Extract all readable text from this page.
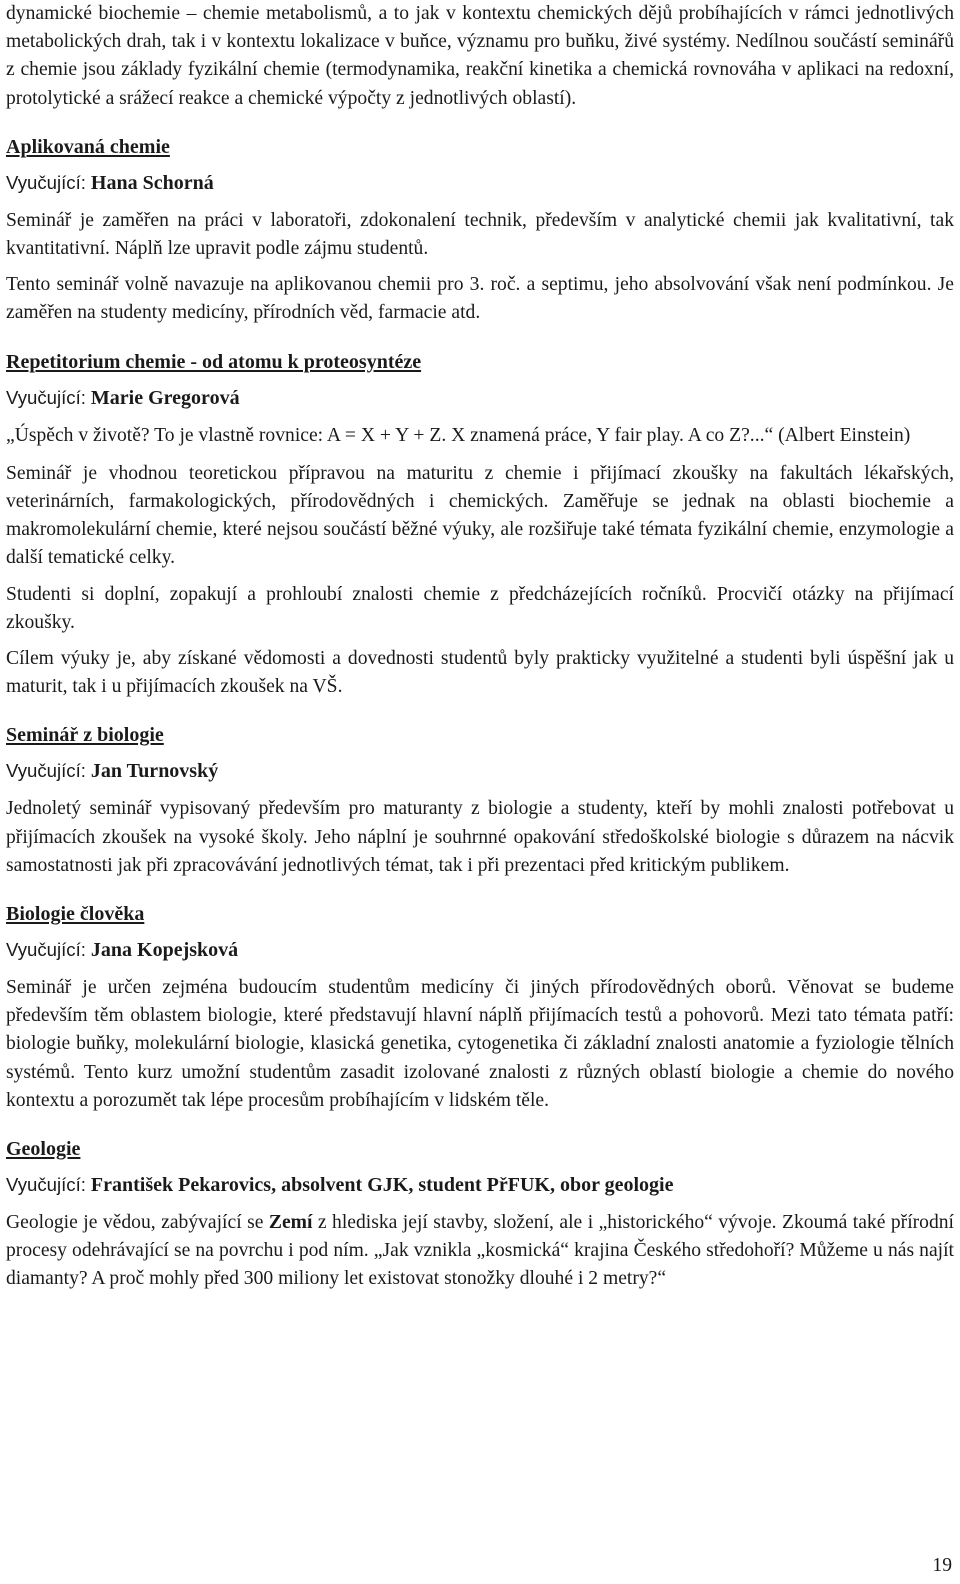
dynamické biochemie – chemie metabolismů, a to jak v kontextu chemických dějů probíhajících v rámci jednotlivých metabolických drah, tak i v kontextu lokalizace v buňce, významu pro buňku, živé systémy. Nedílnou součástí seminářů z chemie jsou základy fyzikální chemie (termodynamika, reakční kinetika a chemická rovnováha v aplikaci na redoxní, protolytické a srážecí reakce a chemické výpočty z jednotlivých oblastí).

Aplikovaná chemie
Vyučující: Hana Schorná

Seminář je zaměřen na práci v laboratoři, zdokonalení technik, především v analytické chemii jak kvalitativní, tak kvantitativní. Náplň lze upravit podle zájmu studentů.

Tento seminář volně navazuje na aplikovanou chemii pro 3. roč. a septimu, jeho absolvování však není podmínkou. Je zaměřen na studenty medicíny, přírodních věd, farmacie atd.

Repetitorium chemie - od atomu k proteosyntéze
Vyučující: Marie Gregorová

„Úspěch v životě? To je vlastně rovnice: A = X + Y + Z. X znamená práce, Y fair play. A co Z?...“ (Albert Einstein)

Seminář je vhodnou teoretickou přípravou na maturitu z chemie i přijímací zkoušky na fakultách lékařských, veterinárních, farmakologických, přírodovědných i chemických. Zaměřuje se jednak na oblasti biochemie a makromolekulární chemie, které nejsou součástí běžné výuky, ale rozšiřuje také témata fyzikální chemie, enzymologie a další tematické celky.

Studenti si doplní, zopakují a prohloubí znalosti chemie z předcházejících ročníků. Procvičí otázky na přijímací zkoušky.

Cílem výuky je, aby získané vědomosti a dovednosti studentů byly prakticky využitelné a studenti byli úspěšní jak u maturit, tak i u přijímacích zkoušek na VŠ.

Seminář z biologie
Vyučující: Jan Turnovský

Jednoletý seminář vypisovaný především pro maturanty z biologie a studenty, kteří by mohli znalosti potřebovat u přijímacích zkoušek na vysoké školy. Jeho náplní je souhrnné opakování středoškolské biologie s důrazem na nácvik samostatnosti jak při zpracovávání jednotlivých témat, tak i při prezentaci před kritickým publikem.

Biologie člověka
Vyučující: Jana Kopejsková

Seminář je určen zejména budoucím studentům medicíny či jiných přírodovědných oborů. Věnovat se budeme především těm oblastem biologie, které představují hlavní náplň přijímacích testů a pohovorů. Mezi tato témata patří: biologie buňky, molekulární biologie, klasická genetika, cytogenetika či základní znalosti anatomie a fyziologie tělních systémů. Tento kurz umožní studentům zasadit izolované znalosti z různých oblastí biologie a chemie do nového kontextu a porozumět tak lépe procesům probíhajícím v lidském těle.

Geologie
Vyučující: František Pekarovics, absolvent GJK, student PřFUK, obor geologie

Geologie je vědou, zabývající se Zemí z hlediska její stavby, složení, ale i „historického“ vývoje. Zkoumá také přírodní procesy odehrávající se na povrchu i pod ním. „Jak vznikla „kosmická“ krajina Českého středohoří? Můžeme u nás najít diamanty? A proč mohly před 300 miliony let existovat stonožky dlouhé i 2 metry?“

19
